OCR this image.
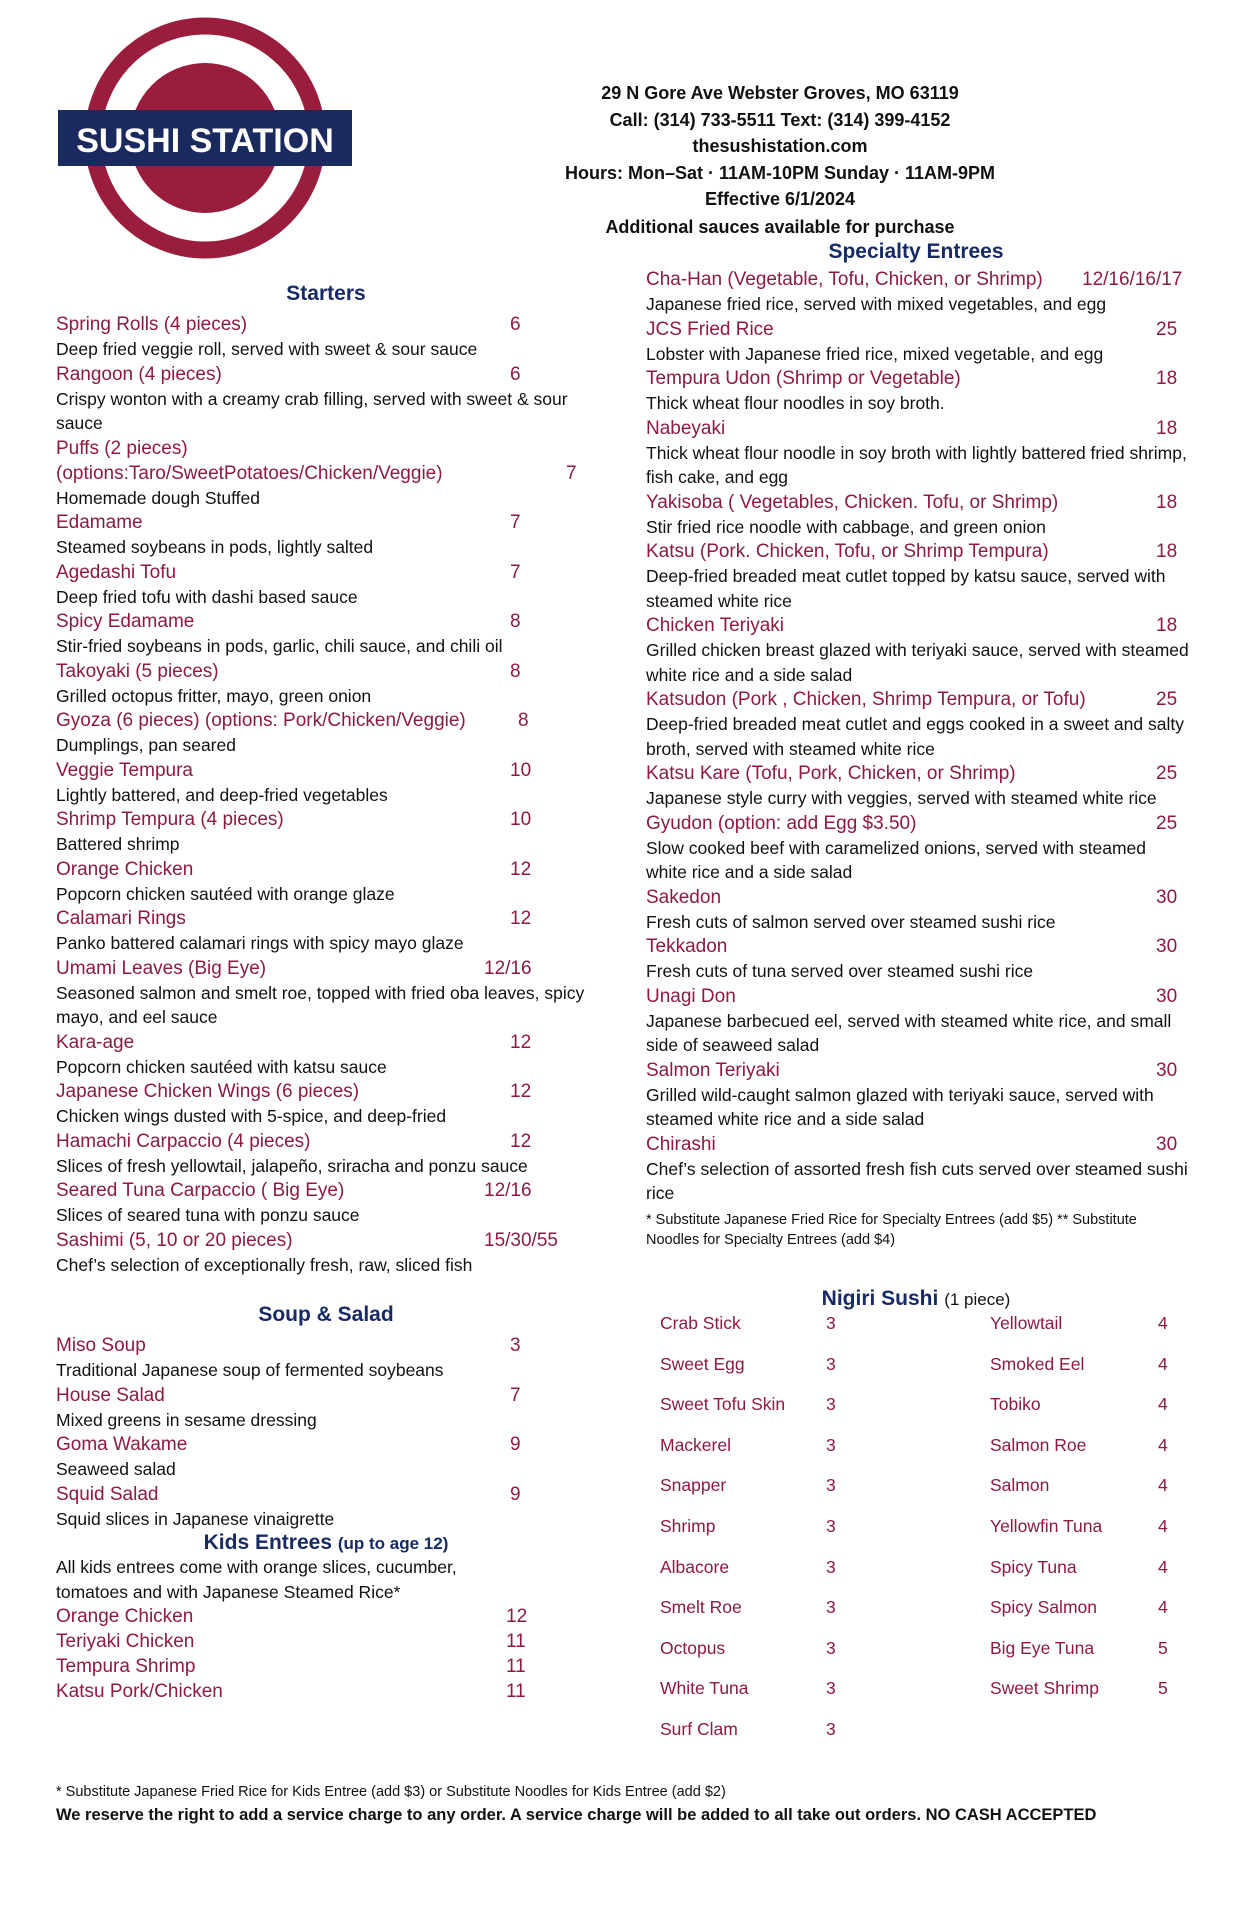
SUSHI STATION
29 N Gore Ave Webster Groves, MO 63119
Call: (314) 733-5511 Text: (314) 399-4152
thesushistation.com
Hours: Mon–Sat · 11AM-10PM Sunday · 11AM-9PM
Effective 6/1/2024
Additional sauces available for purchase
Starters
Spring Rolls (4 pieces)	6
Deep fried veggie roll, served with sweet & sour sauce
Rangoon (4 pieces)	6
Crispy wonton with a creamy crab filling, served with sweet & sour sauce
Puffs (2 pieces)
(options:Taro/SweetPotatoes/Chicken/Veggie)	7
Homemade dough Stuffed
Edamame	7
Steamed soybeans in pods, lightly salted
Agedashi Tofu	7
Deep fried tofu with dashi based sauce
Spicy Edamame	8
Stir-fried soybeans in pods, garlic, chili sauce, and chili oil
Takoyaki (5 pieces)	8
Grilled octopus fritter, mayo, green onion
Gyoza (6 pieces) (options: Pork/Chicken/Veggie)	8
Dumplings, pan seared
Veggie Tempura	10
Lightly battered, and deep-fried vegetables
Shrimp Tempura (4 pieces)	10
Battered shrimp
Orange Chicken	12
Popcorn chicken sautéed with orange glaze
Calamari Rings	12
Panko battered calamari rings with spicy mayo glaze
Umami Leaves (Big Eye)	12/16
Seasoned salmon and smelt roe, topped with fried oba leaves, spicy mayo, and eel sauce
Kara-age	12
Popcorn chicken sautéed with katsu sauce
Japanese Chicken Wings (6 pieces)	12
Chicken wings dusted with 5-spice, and deep-fried
Hamachi Carpaccio (4 pieces)	12
Slices of fresh yellowtail, jalapeño, sriracha and ponzu sauce
Seared Tuna Carpaccio ( Big Eye)	12/16
Slices of seared tuna with ponzu sauce
Sashimi (5, 10 or 20 pieces)	15/30/55
Chef’s selection of exceptionally fresh, raw, sliced fish
Soup & Salad
Miso Soup	3
Traditional Japanese soup of fermented soybeans
House Salad	7
Mixed greens in sesame dressing
Goma Wakame	9
Seaweed salad
Squid Salad	9
Squid slices in Japanese vinaigrette
Kids Entrees (up to age 12)
All kids entrees come with orange slices, cucumber, tomatoes and with Japanese Steamed Rice*
Orange Chicken	12
Teriyaki Chicken	11
Tempura Shrimp	11
Katsu Pork/Chicken	11
Specialty Entrees
Cha-Han (Vegetable, Tofu, Chicken, or Shrimp)	12/16/16/17
Japanese fried rice, served with mixed vegetables, and egg
JCS Fried Rice	25
Lobster with Japanese fried rice, mixed vegetable, and egg
Tempura Udon (Shrimp or Vegetable)	18
Thick wheat flour noodles in soy broth.
Nabeyaki	18
Thick wheat flour noodle in soy broth with lightly battered fried shrimp, fish cake, and egg
Yakisoba ( Vegetables, Chicken. Tofu, or Shrimp)	18
Stir fried rice noodle with cabbage, and green onion
Katsu (Pork. Chicken, Tofu, or Shrimp Tempura)	18
Deep-fried breaded meat cutlet topped by katsu sauce, served with steamed white rice
Chicken Teriyaki	18
Grilled chicken breast glazed with teriyaki sauce, served with steamed white rice and a side salad
Katsudon (Pork , Chicken, Shrimp Tempura, or Tofu)	25
Deep-fried breaded meat cutlet and eggs cooked in a sweet and salty broth, served with steamed white rice
Katsu Kare (Tofu, Pork, Chicken, or Shrimp)	25
Japanese style curry with veggies, served with steamed white rice
Gyudon (option: add Egg $3.50)	25
Slow cooked beef with caramelized onions, served with steamed white rice and a side salad
Sakedon	30
Fresh cuts of salmon served over steamed sushi rice
Tekkadon	30
Fresh cuts of tuna served over steamed sushi rice
Unagi Don	30
Japanese barbecued eel, served with steamed white rice, and small side of seaweed salad
Salmon Teriyaki	30
Grilled wild-caught salmon glazed with teriyaki sauce, served with steamed white rice and a side salad
Chirashi	30
Chef’s selection of assorted fresh fish cuts served over steamed sushi rice
* Substitute Japanese Fried Rice for Specialty Entrees (add $5) ** Substitute Noodles for Specialty Entrees (add $4)
Nigiri Sushi (1 piece)
Crab Stick	3
Sweet Egg	3
Sweet Tofu Skin 3
Mackerel	3
Snapper	3
Shrimp	3
Albacore	3
Smelt Roe	3
Octopus	3
White Tuna	3
Surf Clam	3
Yellowtail	4
Smoked Eel	4
Tobiko	4
Salmon Roe	4
Salmon	4
Yellowfin Tuna	4
Spicy Tuna	4
Spicy Salmon	4
Big Eye Tuna	5
Sweet Shrimp	5
* Substitute Japanese Fried Rice for Kids Entree (add $3) or Substitute Noodles for Kids Entree (add $2)
We reserve the right to add a service charge to any order. A service charge will be added to all take out orders. NO CASH ACCEPTED
